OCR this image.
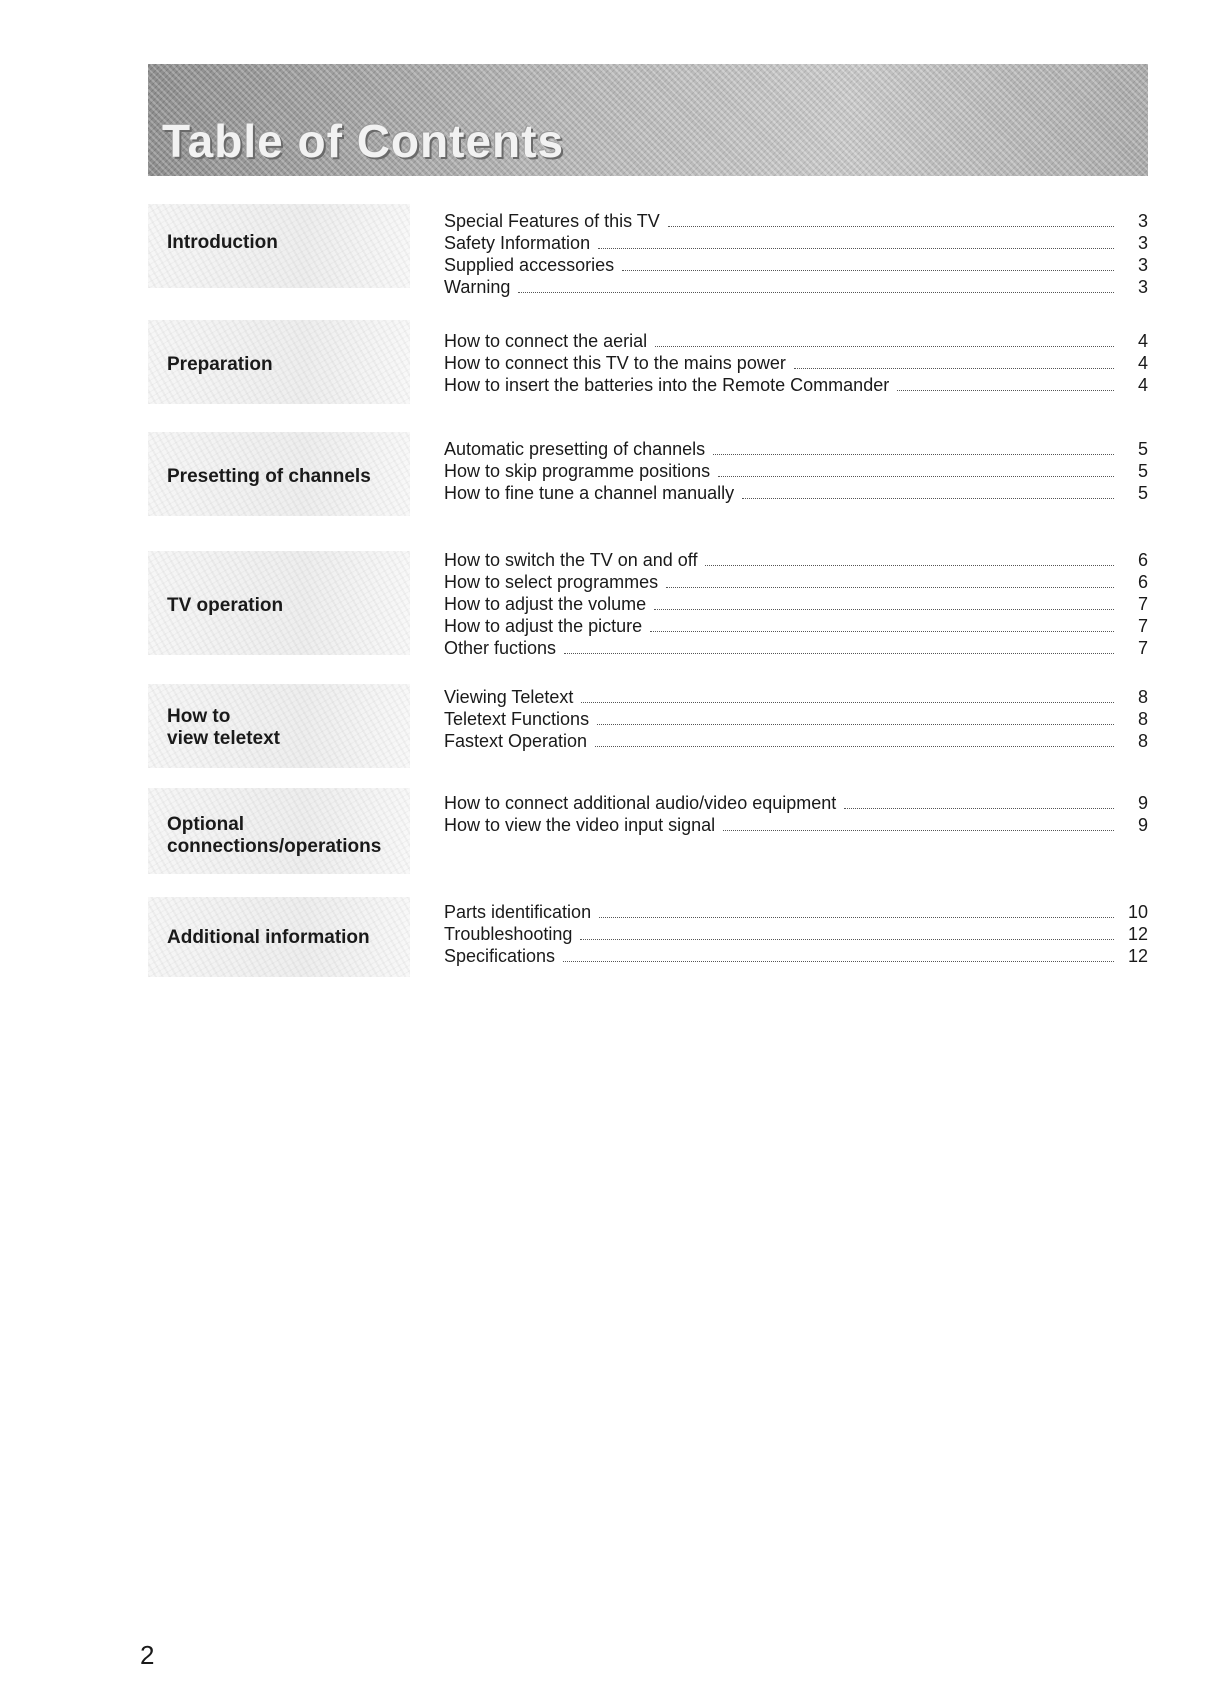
Table of Contents
Introduction
Special Features of this TV	3
Safety Information	3
Supplied accessories	3
Warning	3
Preparation
How to connect the aerial	4
How to connect this TV to the mains power	4
How to insert the batteries into the Remote Commander	4
Presetting of channels
Automatic presetting of channels	5
How to skip programme positions	5
How to fine tune a channel manually	5
TV operation
How to switch the TV on and off	6
How to select programmes	6
How to adjust the volume	7
How to adjust the picture	7
Other fuctions	7
How to
view teletext
Viewing Teletext	8
Teletext Functions	8
Fastext Operation	8
Optional
connections/operations
How to connect additional audio/video equipment	9
How to view the video input signal	9
Additional information
Parts identification	10
Troubleshooting	12
Specifications	12
2
